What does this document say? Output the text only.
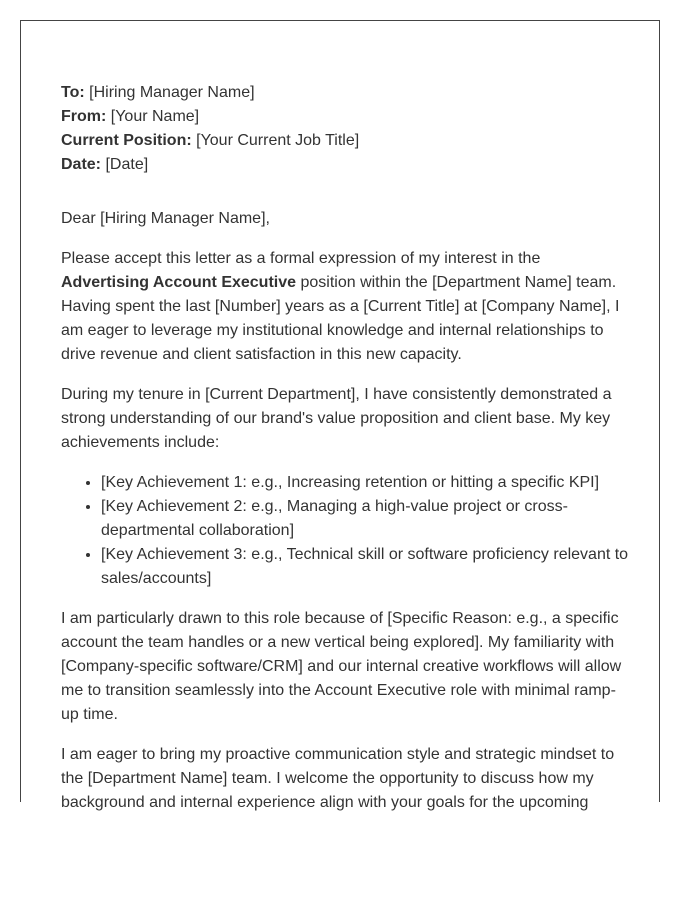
To: [Hiring Manager Name]

From: [Your Name]

Current Position: [Your Current Job Title]

Date: [Date]

Dear [Hiring Manager Name],

Please accept this letter as a formal expression of my interest in the Advertising Account Executive position within the [Department Name] team. Having spent the last [Number] years as a [Current Title] at [Company Name], I am eager to leverage my institutional knowledge and internal relationships to drive revenue and client satisfaction in this new capacity.

During my tenure in [Current Department], I have consistently demonstrated a strong understanding of our brand's value proposition and client base. My key achievements include:

• [Key Achievement 1: e.g., Increasing retention or hitting a specific KPI]
• [Key Achievement 2: e.g., Managing a high-value project or cross-departmental collaboration]
• [Key Achievement 3: e.g., Technical skill or software proficiency relevant to sales/accounts]

I am particularly drawn to this role because of [Specific Reason: e.g., a specific account the team handles or a new vertical being explored]. My familiarity with [Company-specific software/CRM] and our internal creative workflows will allow me to transition seamlessly into the Account Executive role with minimal ramp-up time.

I am eager to bring my proactive communication style and strategic mindset to the [Department Name] team. I welcome the opportunity to discuss how my background and internal experience align with your goals for the upcoming
